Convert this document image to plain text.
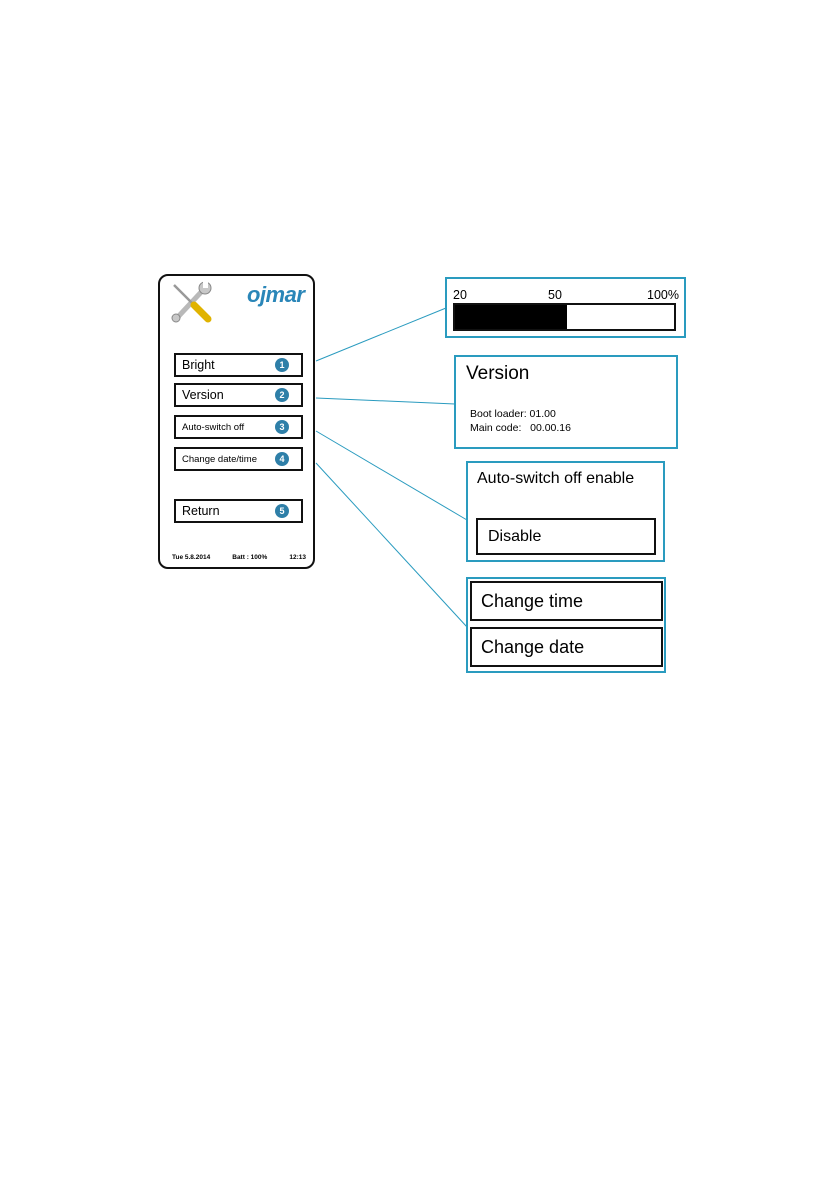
ojmar
Bright	1
Version	2
Auto-switch off	3
Change date/time	4
Return	5
Tue 5.8.2014	Batt : 100%	12:13
20	50	100%
Version
Boot loader: 01.00
Main code:   00.00.16
Auto-switch off enable
Disable
Change time
Change date
